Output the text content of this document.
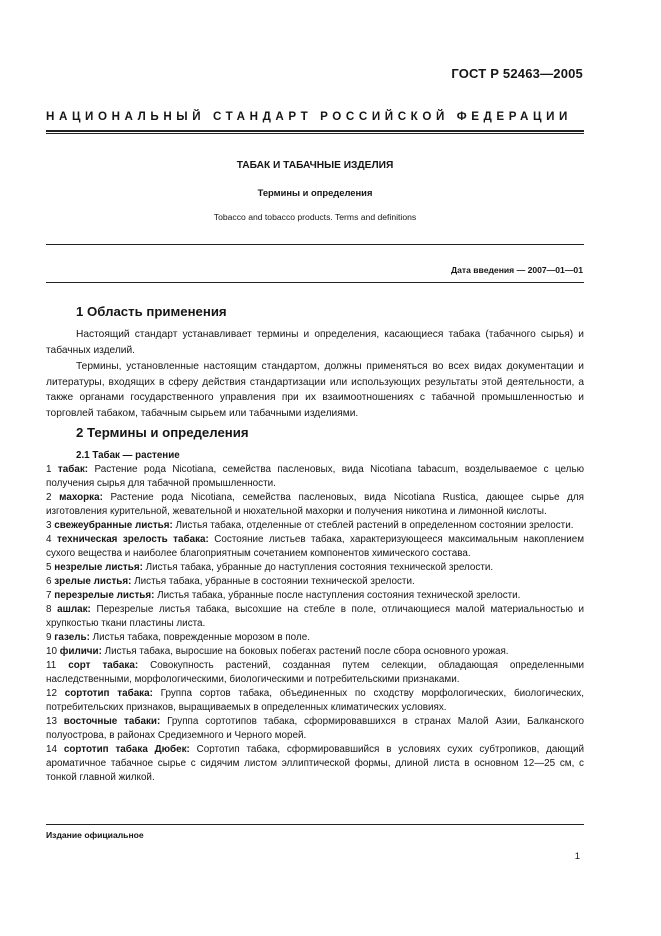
ГОСТ Р 52463—2005
НАЦИОНАЛЬНЫЙ СТАНДАРТ РОССИЙСКОЙ ФЕДЕРАЦИИ
ТАБАК И ТАБАЧНЫЕ ИЗДЕЛИЯ
Термины и определения
Tobacco and tobacco products. Terms and definitions
Дата введения — 2007—01—01
1 Область применения
Настоящий стандарт устанавливает термины и определения, касающиеся табака (табачного сырья) и табачных изделий.
Термины, установленные настоящим стандартом, должны применяться во всех видах документации и литературы, входящих в сферу действия стандартизации или использующих результаты этой деятельности, а также органами государственного управления при их взаимоотношениях с табачной промышленностью и торговлей табаком, табачным сырьем или табачными изделиями.
2 Термины и определения
2.1 Табак — растение

1 табак: Растение рода Nicotiana, семейства пасленовых, вида Nicotiana tabacum, возделываемое с целью получения сырья для табачной промышленности.

2 махорка: Растение рода Nicotiana, семейства пасленовых, вида Nicotiana Rustica, дающее сырье для изготовления курительной, жевательной и нюхательной махорки и получения никотина и лимонной кислоты.

3 свежеубранные листья: Листья табака, отделенные от стеблей растений в определенном состоянии зрелости.

4 техническая зрелость табака: Состояние листьев табака, характеризующееся максимальным накоплением сухого вещества и наиболее благоприятным сочетанием компонентов химического состава.

5 незрелые листья: Листья табака, убранные до наступления состояния технической зрелости.

6 зрелые листья: Листья табака, убранные в состоянии технической зрелости.

7 перезрелые листья: Листья табака, убранные после наступления состояния технической зрелости.

8 ашлак: Перезрелые листья табака, высохшие на стебле в поле, отличающиеся малой материальностью и хрупкостью ткани пластины листа.

9 газель: Листья табака, поврежденные морозом в поле.

10 филичи: Листья табака, выросшие на боковых побегах растений после сбора основного урожая.

11 сорт табака: Совокупность растений, созданная путем селекции, обладающая определенными наследственными, морфологическими, биологическими и потребительскими признаками.

12 сортотип табака: Группа сортов табака, объединенных по сходству морфологических, биологических, потребительских признаков, выращиваемых в определенных климатических условиях.

13 восточные табаки: Группа сортотипов табака, сформировавшихся в странах Малой Азии, Балканского полуострова, в районах Средиземного и Черного морей.

14 сортотип табака Дюбек: Сортотип табака, сформировавшийся в условиях сухих субтропиков, дающий ароматичное табачное сырье с сидячим листом эллиптической формы, длиной листа в основном 12—25 см, с тонкой главной жилкой.

Издание официальное
1
